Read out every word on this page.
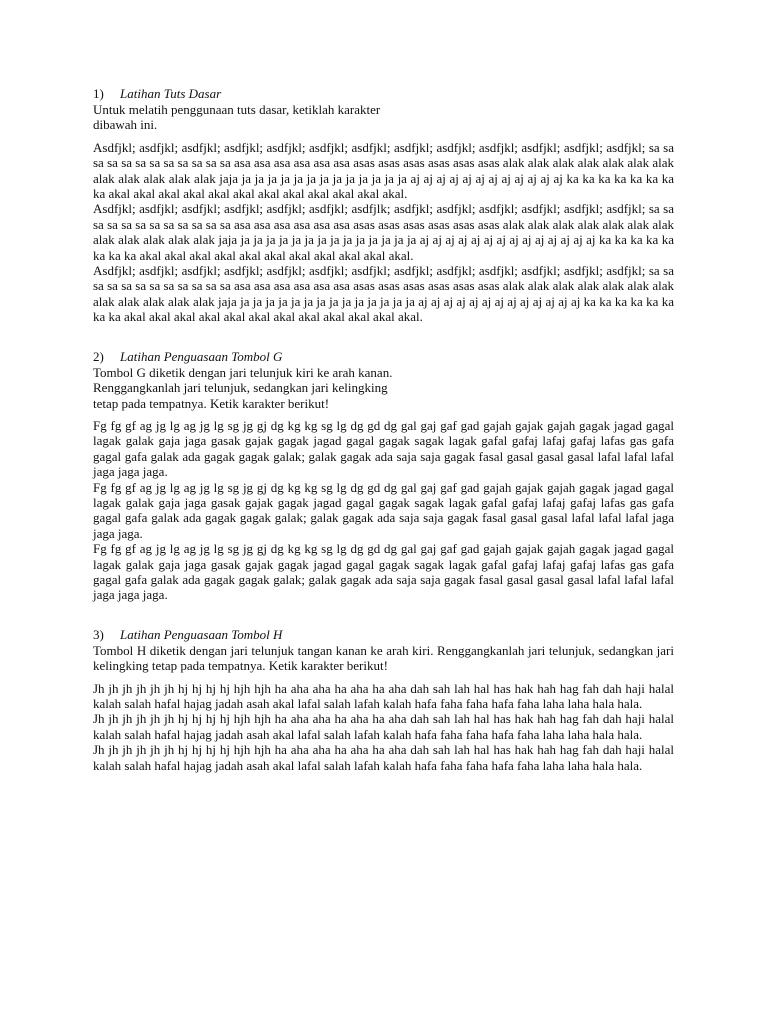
1)	Latihan Tuts Dasar

Untuk melatih penggunaan tuts dasar, ketiklah karakter
dibawah ini.

Asdfjkl; asdfjkl; asdfjkl; asdfjkl; asdfjkl; asdfjkl; asdfjkl; asdfjkl; asdfjkl; asdfjkl; asdfjkl; asdfjkl; asdfjkl; sa sa sa sa sa sa sa sa sa sa sa sa asa asa asa asa asa asa asas asas asas asas asas asas alak alak alak alak alak alak alak alak alak alak alak alak jaja ja ja ja ja ja ja ja ja ja ja ja ja ja aj aj aj aj aj aj aj aj aj aj aj aj ka ka ka ka ka ka ka ka akal akal akal akal akal akal akal akal akal akal akal akal.

Asdfjkl; asdfjkl; asdfjkl; asdfjkl; asdfjkl; asdfjkl; asdfjlk; asdfjkl; asdfjkl; asdfjkl; asdfjkl; asdfjkl; asdfjkl; sa sa sa sa sa sa sa sa sa sa sa sa asa asa asa asa asa asa asas asas asas asas asas asas alak alak alak alak alak alak alak alak alak alak alak alak jaja ja ja ja ja ja ja ja ja ja ja ja ja ja ja aj aj aj aj aj aj aj aj aj aj aj aj aj aj ka ka ka ka ka ka ka ka akal akal akal akal akal akal akal akal akal akal akal.

Asdfjkl; asdfjkl; asdfjkl; asdfjkl; asdfjkl; asdfjkl; asdfjkl; asdfjkl; asdfjkl; asdfjkl; asdfjkl; asdfjkl; asdfjkl; sa sa sa sa sa sa sa sa sa sa sa sa asa asa asa asa asa asa asas asas asas asas asas asas alak alak alak alak alak alak alak alak alak alak alak alak jaja ja ja ja ja ja ja ja ja ja ja ja ja ja ja aj aj aj aj aj aj aj aj aj aj aj aj aj ka ka ka ka ka ka ka ka akal akal akal akal akal akal akal akal akal akal akal akal.

2)	Latihan Penguasaan Tombol G

Tombol G diketik dengan jari telunjuk kiri ke arah kanan.
Renggangkanlah jari telunjuk, sedangkan jari kelingking
tetap pada tempatnya. Ketik karakter berikut!

Fg fg gf ag jg lg ag jg lg sg jg gj dg kg kg sg lg dg gd dg gal gaj gaf gad gajah gajak gajah gagak jagad gagal lagak galak gaja jaga gasak gajak gagak jagad gagal gagak sagak lagak gafal gafaj lafaj gafaj lafas gas gafa gagal gafa galak ada gagak gagak galak; galak gagak ada saja saja gagak fasal gasal gasal gasal lafal lafal lafal jaga jaga jaga.

Fg fg gf ag jg lg ag jg lg sg jg gj dg kg kg sg lg dg gd dg gal gaj gaf gad gajah gajak gajah gagak jagad gagal lagak galak gaja jaga gasak gajak gagak jagad gagal gagak sagak lagak gafal gafaj lafaj gafaj lafas gas gafa gagal gafa galak ada gagak gagak galak; galak gagak ada saja saja gagak fasal gasal gasal lafal lafal lafal jaga jaga jaga.

Fg fg gf ag jg lg ag jg lg sg jg gj dg kg kg sg lg dg gd dg gal gaj gaf gad gajah gajak gajah gagak jagad gagal lagak galak gaja jaga gasak gajak gagak jagad gagal gagak sagak lagak gafal gafaj lafaj gafaj lafas gas gafa gagal gafa galak ada gagak gagak galak; galak gagak ada saja saja gagak fasal gasal gasal gasal lafal lafal lafal jaga jaga jaga.

3)	Latihan Penguasaan Tombol H

Tombol H diketik dengan jari telunjuk tangan kanan ke arah kiri. Renggangkanlah jari telunjuk, sedangkan jari kelingking tetap pada tempatnya. Ketik karakter berikut!

Jh jh jh jh jh jh hj hj hj hj hjh hjh ha aha aha ha aha ha aha dah sah lah hal has hak hah hag fah dah haji halal kalah salah hafal hajag jadah asah akal lafal salah lafah kalah hafa faha faha hafa faha laha laha hala hala.

Jh jh jh jh jh jh hj hj hj hj hjh hjh ha aha aha ha aha ha aha dah sah lah hal has hak hah hag fah dah haji halal kalah salah hafal hajag jadah asah akal lafal salah lafah kalah hafa faha faha hafa faha laha laha hala hala.

Jh jh jh jh jh jh hj hj hj hj hjh hjh ha aha aha ha aha ha aha dah sah lah hal has hak hah hag fah dah haji halal kalah salah hafal hajag jadah asah akal lafal salah lafah kalah hafa faha faha hafa faha laha laha hala hala.
